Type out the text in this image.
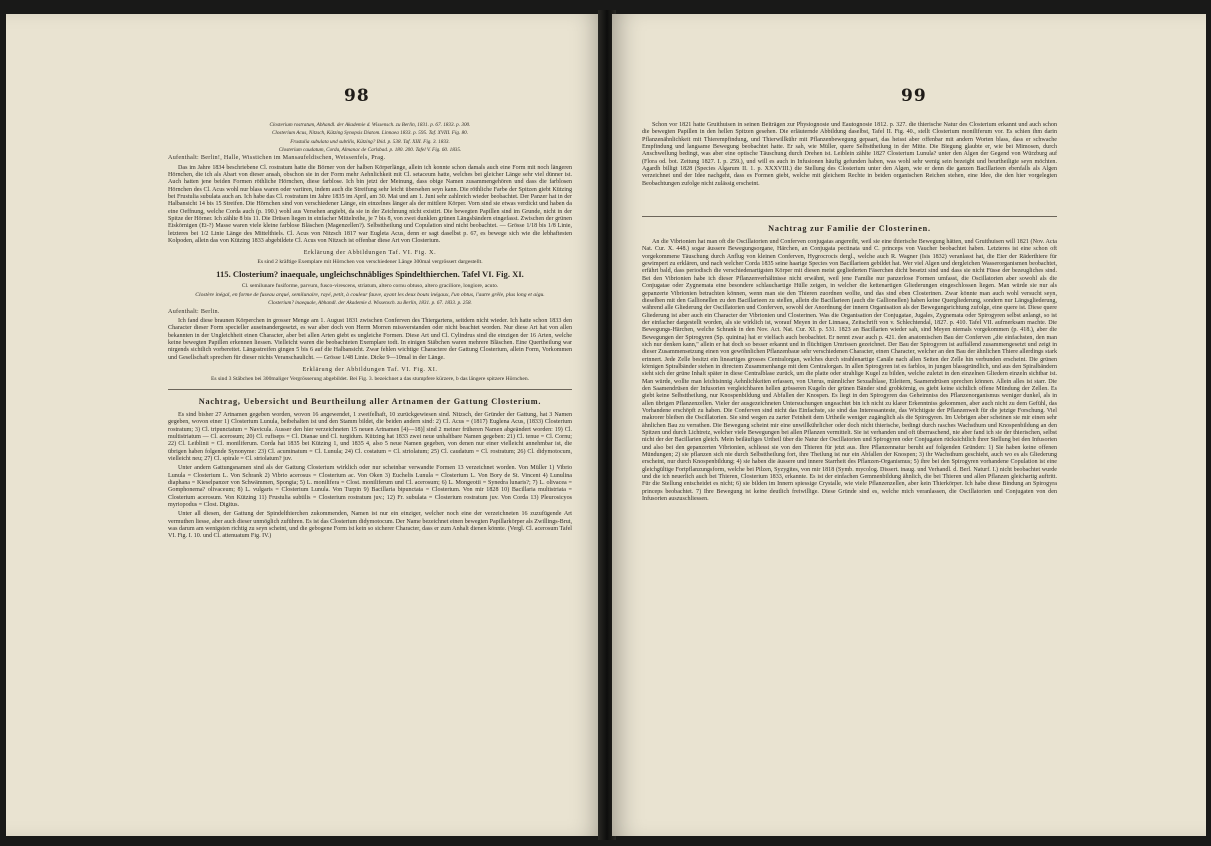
98

Closterium rostratum, Abhandl. der Akademie d. Wissensch. zu Berlin, 1831. p. 67. 1833. p. 300.

Closterium Acus, Nitzsch, Kützing Synopsis Diatom. Linnaea 1833. p. 595. Taf. XVIII. Fig. 80.

Frustulia subulata und subtilis, Kützing? Ibid. p. 538. Taf. XIII. Fig. 3. 1833.

Closterium caudatum, Corda, Almanac de Carlsbad. p. 180. 200. Tafel V. Fig. 60. 1835.

Aufenthalt: Berlin!, Halle, Wisstichen im Mansaufeldischen, Weissenfels, Prag.

Das im Jahre 1834 beschriebene Cl. rostratum hatte die Börner von der halben Körperlänge, allein ich konnte schon damals auch eine Form mit noch längeren Hörnchen, die ich als Abart von dieser ansah, obschon sie in der Form mehr Aehnlichkeit mit Cl. setaceum hatte, welches bei gleicher Länge sehr viel dünner ist. Auch hatten jene beiden Formen röthliche Hörnchen, diese farblose. Ich bin jetzt der Meinung, dass obige Namen zusammengehören und dass die farblosen Hörnchen des Cl. Acus wohl nur blass waren oder variiren, indem auch die Streifung sehr leicht übersehen seyn kann. Die röthliche Farbe der Spitzen giebt Kützing bei Frustulia subulata auch an. Ich habe das Cl. rostratum im Jahre 1835 im April, am 30. Mai und am 1. Juni sehr zahlreich wieder beobachtet. Der Panzer hat in der Halbansicht 14 bis 15 Streifen. Die Hörnchen sind von verschiedener Länge, ein einzelnes länger als der mittlere Körper. Vorn sind sie etwas verdickt und haben da eine Oeffnung, welche Corda auch (p. 190.) wohl aus Versehen angiebt, da sie in der Zeichnung nicht existirt. Die bewegten Papillen sind im Grunde, nicht in der Spitze der Hörner. Ich zählte 8 bis 11. Die Drüsen liegen in einfacher Mittelreihe, je 7 bis 8, von zwei dunklen grünen Längsbändern eingefasst. Zwischen der grünen Eiskörnigen (Ei-?) Masse waren viele kleine farblose Bläschen (Magenzellen?). Selbsttheilung und Copulation sind nicht beobachtet. — Grösse 1/18 bis 1/8 Linie, letzteres bei 1/2 Linie Länge des Mittelthiels. Cl. Acus von Nitzsch 1817 war Eugleta Acus, denn er sagt daselbst p. 67, es bewege sich wie die lebhaftesten Kolpoden, allein das von Kützing 1833 abgebildete Cl. Acus von Nitzsch ist offenbar diese Art von Closterium.

Erklärung der Abbildungen Taf. VI. Fig. X.

Es sind 2 kräftige Exemplare mit Hörnchen von verschiedener Länge 300mal vergrössert dargestellt.

115. Closterium? inaequale, ungleichschnäbliges Spindelthierchen. Tafel VI. Fig. XI.

Cl. semilunare fusiforme, parvum, fusco-virescens, striatum, altero cornu obtuso, altero graciliore, longiore, acuto.

Clostère inégal, en forme de fuseau arqué, semilunaire, rayé, petit, à couleur fauve, ayant les deux bouts inégaux, l'un obtus, l'autre grêle, plus long et aigu.

Closterium? inaequale, Abhandl. der Akademie d. Wissensch. zu Berlin, 1831. p. 67. 1833. p. 258.

Aufenthalt: Berlin.

Ich fand diese braunen Körperchen in grosser Menge am 1. August 1831 zwischen Conferven des Thiergartens, seitdem nicht wieder. Ich hatte schon 1833 den Character dieser Form specieller auseinandergesetzt, es war aber doch von Herrn Morren missverstanden oder nicht beachtet worden. Nur diese Art hat von allen bekannten in der Ungleichheit einen Character, aber bei allen Arten giebt es ungleiche Formen. Diese Art und Cl. Cylindrus sind die einzigen der 16 Arten, welche keine bewegten Papillen erkennen liessen. Vielleicht waren die beobachteten Exemplare todt. In einigen Stäbchen waren mehrere Bläschen. Eine Quertheilung war nirgends sichtlich vorbereitet. Längsstreifen gingen 5 bis 6 auf die Halbansicht. Zwar fehlen wichtige Charactere der Gattung Closterium, allein Form, Vorkommen und Gesellschaft sprechen für dieser nichts Veranschaulicht. — Grösse 1/48 Linie. Dicke 9—10mal in der Länge.

Erklärung der Abbildungen Taf. VI. Fig. XI.

Es sind 3 Stäbchen bei 300maliger Vergrösserung abgebildet. Bei Fig. 3. bezeichnet a das stumpfere kürzere, b das längere spitzere Hörnchen.

Nachtrag, Uebersicht und Beurtheilung aller Artnamen der Gattung Closterium.

Es sind bisher 27 Artnamen gegeben worden, wovon 16 angewendet, 1 zweifelhaft, 10 zurückgewiesen sind. Nitzsch, der Gründer der Gattung, hat 3 Namen gegeben, wovon einer 1) Closterium Lunula, beibehalten ist und den Stamm bildet, die beiden andern sind: 2) Cl. Acus = (1817) Euglena Acus, (1833) Closterium rostratum; 3) Cl. tripunctatum = Navicula. Ausser den hier verzeichneten 15 neuen Artnamen [4)—18)] sind 2 meiner früheren Namen abgeändert worden: 19) Cl. multistriatum — Cl. acerosum; 20) Cl. rufiseps = Cl. Dianae und Cl. turgidum. Kützing hat 1833 zwei neue unhaltbare Namen gegeben: 21) Cl. tenue = Cl. Cornu; 22) Cl. Leiblinii = Cl. moniliferum. Corda hat 1835 bei Kützing 1, und 1835 4, also 5 neue Namen gegeben, von denen nur einer vielleicht annehmbar ist, die übrigen haben folgende Synonyme: 23) Cl. acuminatum = Cl. Lunula; 24) Cl. costatum = Cl. striolatum; 25) Cl. caudatum = Cl. rostratum; 26) Cl. didymotocum, vielleicht neu; 27) Cl. spirale = Cl. striolatum? juv.

Unter andern Gattungsnamen sind als der Gattung Closterium wirklich oder nur scheinbar verwandte Formen 13 verzeichnet worden. Von Müller 1) Vibrio Lunula = Closterium L. Von Schrank 2) Vibrio acerosus = Closterium ac. Von Oken 3) Euchelis Lunula = Closterium L. Von Bory de St. Vincent 4) Lunulina diaphana = Kieselpanzer von Schwämmen, Spongia; 5) L. monilifera = Clost. moniliferum und Cl. acerosum; 6) L. Mongeotii = Synedra lunaris?; 7) L. olivacea = Gomphonema? olivaceum; 8) L. vulgaris = Closterium Lunula. Von Turpin 9) Bacillaria bipunctata = Closterium. Von mir 1828 10) Bacillaria multistriata = Closterium acerosum. Von Kützing 11) Frustulia subtilis = Closterium rostratum juv.; 12) Fr. subulata = Closterium rostratum juv. Von Corda 13) Pleurosicyos myriopodus = Clost. Digitus.

Unter all diesen, der Gattung der Spindelthierchen zukommenden, Namen ist nur ein einziger, welcher noch eine der verzeichneten 16 zuzufügende Art vermuthen liesse, aber auch dieser unmöglich zuführen. Es ist das Closterium didymotocum. Der Name bezeichnet einen bewegten Papillarkörper als Zwillings-Brut, was darum am wenigsten richtig zu seyn scheint, und die gebogene Form ist kein so sicherer Character, dass er zum Anhalt dienen könnte. (Vergl. Cl. acerosum Tafel VI. Fig. I. 10. und Cl. attenuatum Fig. IV.)

99

Schon vor 1821 hatte Gruithuisen in seinen Beiträgen zur Physiognosie und Eautognosie 1812. p. 327. die thierische Natur des Closterium erkannt und auch schon die bewegten Papillen in den hellen Spitzen gesehen. Die erläuternde Abbildung daselbst, Tafel II. Fig. 40., stellt Closterium moniliferum vor. Es schien ihm darin Pflanzenähnlichkeit mit Thierempfindung, und Thierwillkühr mit Pflanzenbewegung gepaart, das heisst aber offenbar mit andern Worten blass, dass er schwache Empfindung und langsame Bewegung beobachtet hatte. Er sah, wie Müller, quere Selbsttheilung in der Mitte. Die Biegung glaubte er, wie bei Mimosen, durch Anschwellung bedingt, was aber eine optische Täuschung durch Drehen ist. Leiblein zählte 1827 Closterium Lunula? unter den Algen der Gegend von Würzburg auf (Flora od. bot. Zeitung 1827. I. p. 259.), und will es auch in Infusionen häufig gefunden haben, was wohl sehr wenig sein bezeigbt und beurtheiligte seyn möchten. Agardh billigt 1828 (Species Algarum II. 1. p. XXXVIII.) die Stellung des Closterium unter den Algen, wie er denn die ganzen Bacillarieen ebenfalls als Algen verzeichnet und der Idee nachgeht, dass es Formen giebt, welche mit gleichem Rechte in beiden organischen Reichen stehen, eine Idee, die den hier vorgelegten Beobachtungen zufolge nicht zulässig erscheint.

Nachtrag zur Familie der Closterinen.

An die Vibrionien hat man oft die Oscillatorien und Conferven conjugatas angereiht, weil sie eine thierische Bewegung hätten, und Gruithuisen will 1821 (Nov. Acta Nat. Cur. X. 448.) sogar äussere Bewegungsorgane, Härchen, an Conjugata pectinata und C. princeps von Vaucher beobachtet haben. Letzteres ist eine schon oft vorgekommene Täuschung durch Anflug von kleinen Conferven, Hygrocrocis dergl., welche auch R. Wagner (Isis 1832) veranlasst hat, die Eier der Räderthiere für gewimpert zu erklären, und nach welcher Corda 1835 seine haarige Species von Bacillarieen gebildet hat. Wer viel Algen und dergleichen Wasserorganismen beobachtet, erfährt bald, dass periodisch die verschiedenartigsten Körper mit diesen meist gegliederten Fäserchen dicht besetzt sind und dass sie nicht Füsse der bezeugliches sind. Bei den Vibrionien habe ich dieser Pflanzenverhältnisse nicht erwähnt, weil jene Familie nur panzerlose Formen umfasst, die Oscillatorien aber sowohl als die Conjugatae oder Zygnemata eine besondere schlauchartige Hülle zeigen, in welcher die kettenartigen Gliederungen eingeschlossen liegen. Man würde sie nur als gepanzerte Vibrionien betrachten können, wenn man sie den Thieren zuordnen wollte, und das sind eben Closterinen. Zwar könnte man auch wohl versucht seyn, dieselben mit den Gallionellen zu den Bacillarieen zu stellen, allein die Bacillarieen (auch die Gallionellen) haben keine Quergliederung, sondern nur Längsgliederung, während alle Gliederung der Oscillatorien und Conferven, sowohl der Anordnung der innern Organisation als der Bewegungsrichtung zufolge, eine quere ist. Diese quere Gliederung ist aber auch ein Character der Vibrionien und Closterinen. Was die Organisation der Conjugatae, Jugales, Zygnemata oder Spirogyren selbst anlangt, so ist der einfacher dargestellt worden, als sie wirklich ist, worauf Meyen in der Linnaea, Zeitschrift von v. Schlechtendal, 1827. p. 410. Tafel VII. aufmerksam machte. Die Bewegungs-Härchen, welche Schrank in den Nov. Act. Nat. Cur. XI. p. 531. 1823 an Bacillarien wieder sah, sind Meyen niemals vorgekommen (p. 418.), aber die Bewegungen der Spirogyren (Sp. quinina) hat er vielfach auch beobachtet. Er nennt zwar auch p. 421. den anatomischen Bau der Conferven „die einfachsten, den man sich nur denken kann," allein er hat doch so besser erkannt und in flüchtigen Umrissen gezeichnet. Der Bau der Spirogyren ist auffallend zusammengesetzt und zeigt in dieser Zusammensetzung einen von gewöhnlichen Pflanzenbaue sehr verschiedenen Character, einen Character, welcher an den Bau der ähnlichen Thiere allerdings stark erinnert. Jede Zelle besitzt ein lineartiges grosses Centralorgan, welches durch strahlenartige Canäle nach allen Seiten der Zelle hin verbunden erscheint. Die grünen körnigen Spiralbänder stehen in directem Zusammenhange mit dem Centralorgan. In allen Spirogyren ist es farblos, in jungen blassgründlich, und aus den Spiralbändern sieht sich der grüne Inhalt später in diese Centralblase zurück, um die platte oder strahlige Kugel zu bilden, welche zuletzt in den einzelnen Gliedern einzeln sichtbar ist. Man würde, wollte man leichtsinnig Aehnlichkeiten erfassen, von Uterus, männlicher Sexualblase, Eileitern, Saamendrüsen sprechen können. Allein alles ist starr. Die den Saamendrüsen der Infusorien vergleichbaren hellen grösseren Kugeln der grünen Bänder sind grobkörnig, es giebt keine sichtlich offene Mündung der Zellen. Es giebt keine Selbsttheilung, nur Knospenbildung und Abfallen der Knospen. Es liegt in den Spirogyren das Geheimniss des Pflanzenorganismus weniger dunkel, als in allen übrigen Pflanzenzellen. Vieler der ausgezeichneten Untersuchungen ungeachtet bin ich nicht zu klarer Erkenntniss gekommen, aber auch nicht zu dem Gefühl, das Vorhandene erschöpft zu haben. Die Conferven sind nicht das Einfachste, sie sind das Interessanteste, das Wichtigste der Pflanzenwelt für die jetzige Forschung. Viel makrorer bleiben die Oscillatorien. Sie sind wegen zu zarter Feinheit dem Urtheile weniger zugänglich als die Spirogyren. Im Uebrigen aber scheinen sie mir einen sehr ähnlichen Bau zu verrathen. Die Bewegung scheint mir eine unwillkührlicher oder doch nicht thierische, bedingt durch rasches Wachsthum und Knospenbildung an den Spitzen und durch Lichtreiz, welcher viele Bewegungen bei allen Pflanzen vermittelt. Sie ist verhanden und oft überraschend, nie aber fand ich sie der thierischen, selbst nicht der der Bacillarien gleich. Mein beiläufiges Urtheil über die Natur der Oscillatorien und Spirogyren oder Conjugaten rücksichtlich ihrer Stellung bei den Infusorien und also bei den gepanzerten Vibrionien, schliesst sie von den Thieren für jetzt aus. Ihre Pflanzennatur beruht auf folgenden Gründen: 1) Sie haben keine offenen Mündungen; 2) sie pflanzen sich nie durch Selbsttheilung fort, ihre Theilung ist nur ein Abfallen der Knospen; 3) ihr Wachsthum geschieht, auch wo es als Gliederung erscheint, nur durch Knospenbildung; 4) sie haben die äussere und innere Starrheit des Pflanzen-Organismus; 5) ihre bei den Spirogyren vorhandene Copulation ist eine gleichgültige Fortpflanzungsform, welche bei Pilzen, Syzygites, von mir 1818 (Symb. mycolog. Dissert. inaug. und Verhandl. d. Berl. Naturf. I.) nicht beobachtet wurde und die ich neuerlich auch bei Thieren, Closterium 1833, erkannte. Es ist der einfachen Gemmenbildung ähnlich, die bei Thieren und allen Pflanzen gleichartig auftritt. Für die Stellung entscheidet es nicht; 6) sie bilden im Innern spiessige Crystalle, wie viele Pflanzenzellen, aber kein Thierkörper. Ich habe diese Bindung an Spirogyra princeps beobachtet. 7) Ihre Bewegung ist keine deutlich freiwillige. Diese Gründe sind es, welche mich veranlassen, die Oscillatorien und Conjugaten von den Infusorien auszuschliessen.
